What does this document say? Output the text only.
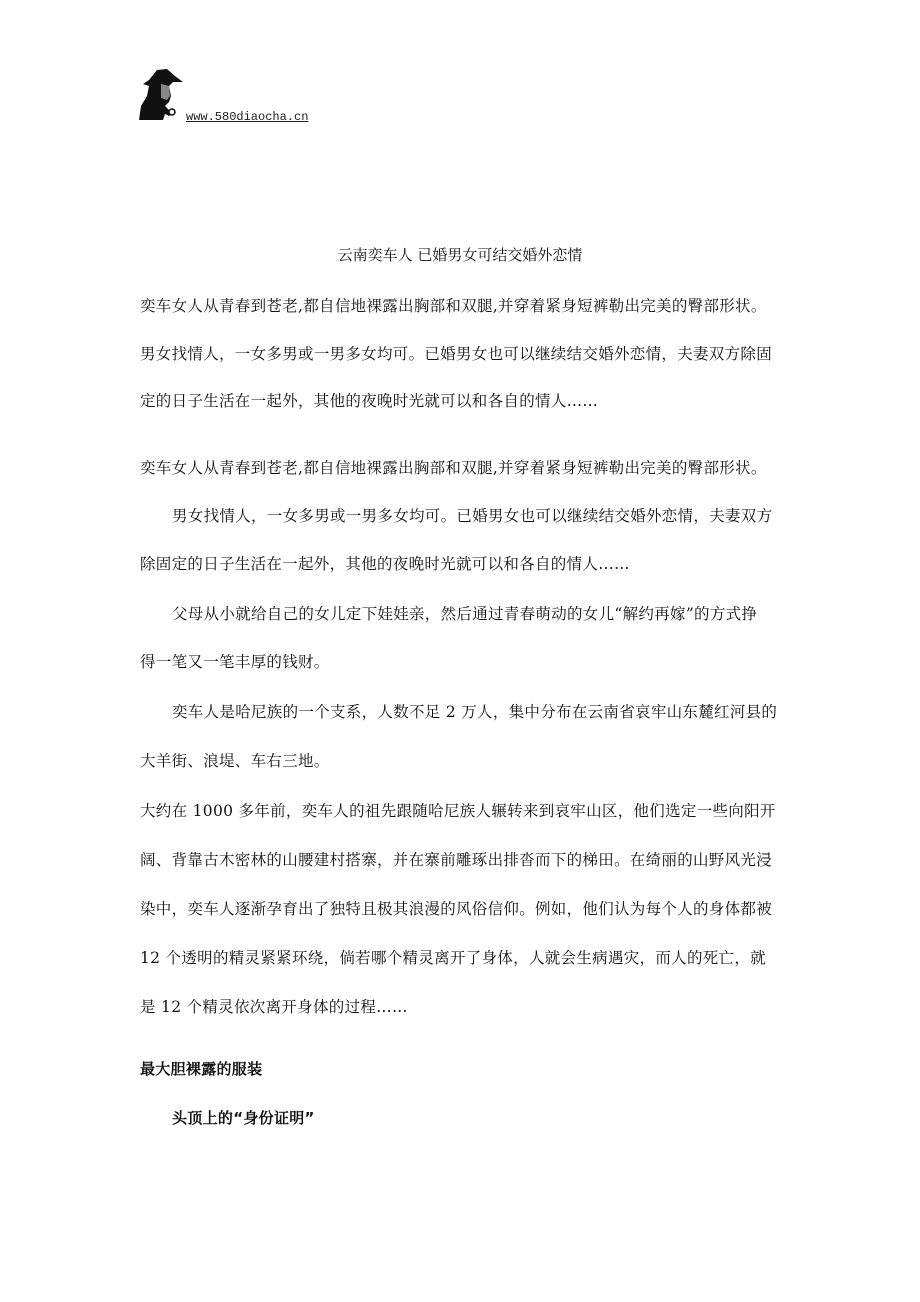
www.580diaocha.cn
云南奕车人 已婚男女可结交婚外恋情
奕车女人从青春到苍老,都自信地裸露出胸部和双腿,并穿着紧身短裤勒出完美的臀部形状。
男女找情人，一女多男或一男多女均可。已婚男女也可以继续结交婚外恋情，夫妻双方除固
定的日子生活在一起外，其他的夜晚时光就可以和各自的情人……
奕车女人从青春到苍老,都自信地裸露出胸部和双腿,并穿着紧身短裤勒出完美的臀部形状。
男女找情人，一女多男或一男多女均可。已婚男女也可以继续结交婚外恋情，夫妻双方
除固定的日子生活在一起外，其他的夜晚时光就可以和各自的情人……
父母从小就给自己的女儿定下娃娃亲，然后通过青春萌动的女儿“解约再嫁”的方式挣
得一笔又一笔丰厚的钱财。
奕车人是哈尼族的一个支系，人数不足 2 万人，集中分布在云南省哀牢山东麓红河县的
大羊街、浪堤、车右三地。
大约在 1000 多年前，奕车人的祖先跟随哈尼族人辗转来到哀牢山区，他们选定一些向阳开
阔、背靠古木密林的山腰建村搭寨，并在寨前雕琢出排沓而下的梯田。在绮丽的山野风光浸
染中，奕车人逐渐孕育出了独特且极其浪漫的风俗信仰。例如，他们认为每个人的身体都被
12 个透明的精灵紧紧环绕，倘若哪个精灵离开了身体，人就会生病遇灾，而人的死亡，就
是 12 个精灵依次离开身体的过程……
最大胆裸露的服装
头顶上的“身份证明”
